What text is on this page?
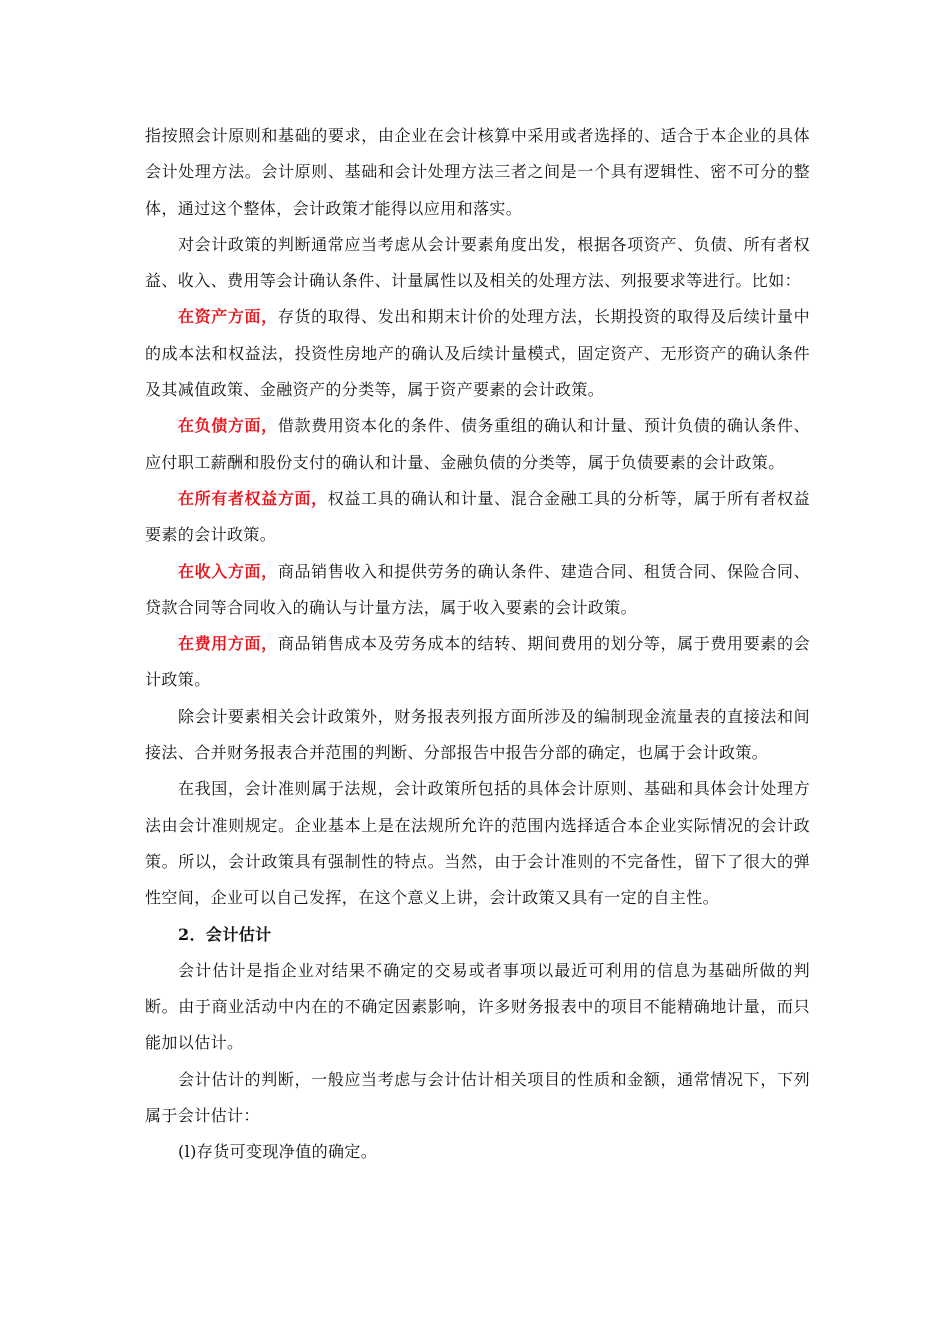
指按照会计原则和基础的要求，由企业在会计核算中采用或者选择的、适合于本企业的具体会计处理方法。会计原则、基础和会计处理方法三者之间是一个具有逻辑性、密不可分的整体，通过这个整体，会计政策才能得以应用和落实。

对会计政策的判断通常应当考虑从会计要素角度出发，根据各项资产、负债、所有者权益、收入、费用等会计确认条件、计量属性以及相关的处理方法、列报要求等进行。比如：

在资产方面，存货的取得、发出和期末计价的处理方法，长期投资的取得及后续计量中的成本法和权益法，投资性房地产的确认及后续计量模式，固定资产、无形资产的确认条件及其减值政策、金融资产的分类等，属于资产要素的会计政策。

在负债方面，借款费用资本化的条件、债务重组的确认和计量、预计负债的确认条件、应付职工薪酬和股份支付的确认和计量、金融负债的分类等，属于负债要素的会计政策。

在所有者权益方面，权益工具的确认和计量、混合金融工具的分析等，属于所有者权益要素的会计政策。

在收入方面，商品销售收入和提供劳务的确认条件、建造合同、租赁合同、保险合同、贷款合同等合同收入的确认与计量方法，属于收入要素的会计政策。

在费用方面，商品销售成本及劳务成本的结转、期间费用的划分等，属于费用要素的会计政策。

除会计要素相关会计政策外，财务报表列报方面所涉及的编制现金流量表的直接法和间接法、合并财务报表合并范围的判断、分部报告中报告分部的确定，也属于会计政策。

在我国，会计准则属于法规，会计政策所包括的具体会计原则、基础和具体会计处理方法由会计准则规定。企业基本上是在法规所允许的范围内选择适合本企业实际情况的会计政策。所以，会计政策具有强制性的特点。当然，由于会计准则的不完备性，留下了很大的弹性空间，企业可以自己发挥，在这个意义上讲，会计政策又具有一定的自主性。

2．会计估计

会计估计是指企业对结果不确定的交易或者事项以最近可利用的信息为基础所做的判断。由于商业活动中内在的不确定因素影响，许多财务报表中的项目不能精确地计量，而只能加以估计。

会计估计的判断，一般应当考虑与会计估计相关项目的性质和金额，通常情况下，下列属于会计估计：

(l)存货可变现净值的确定。
